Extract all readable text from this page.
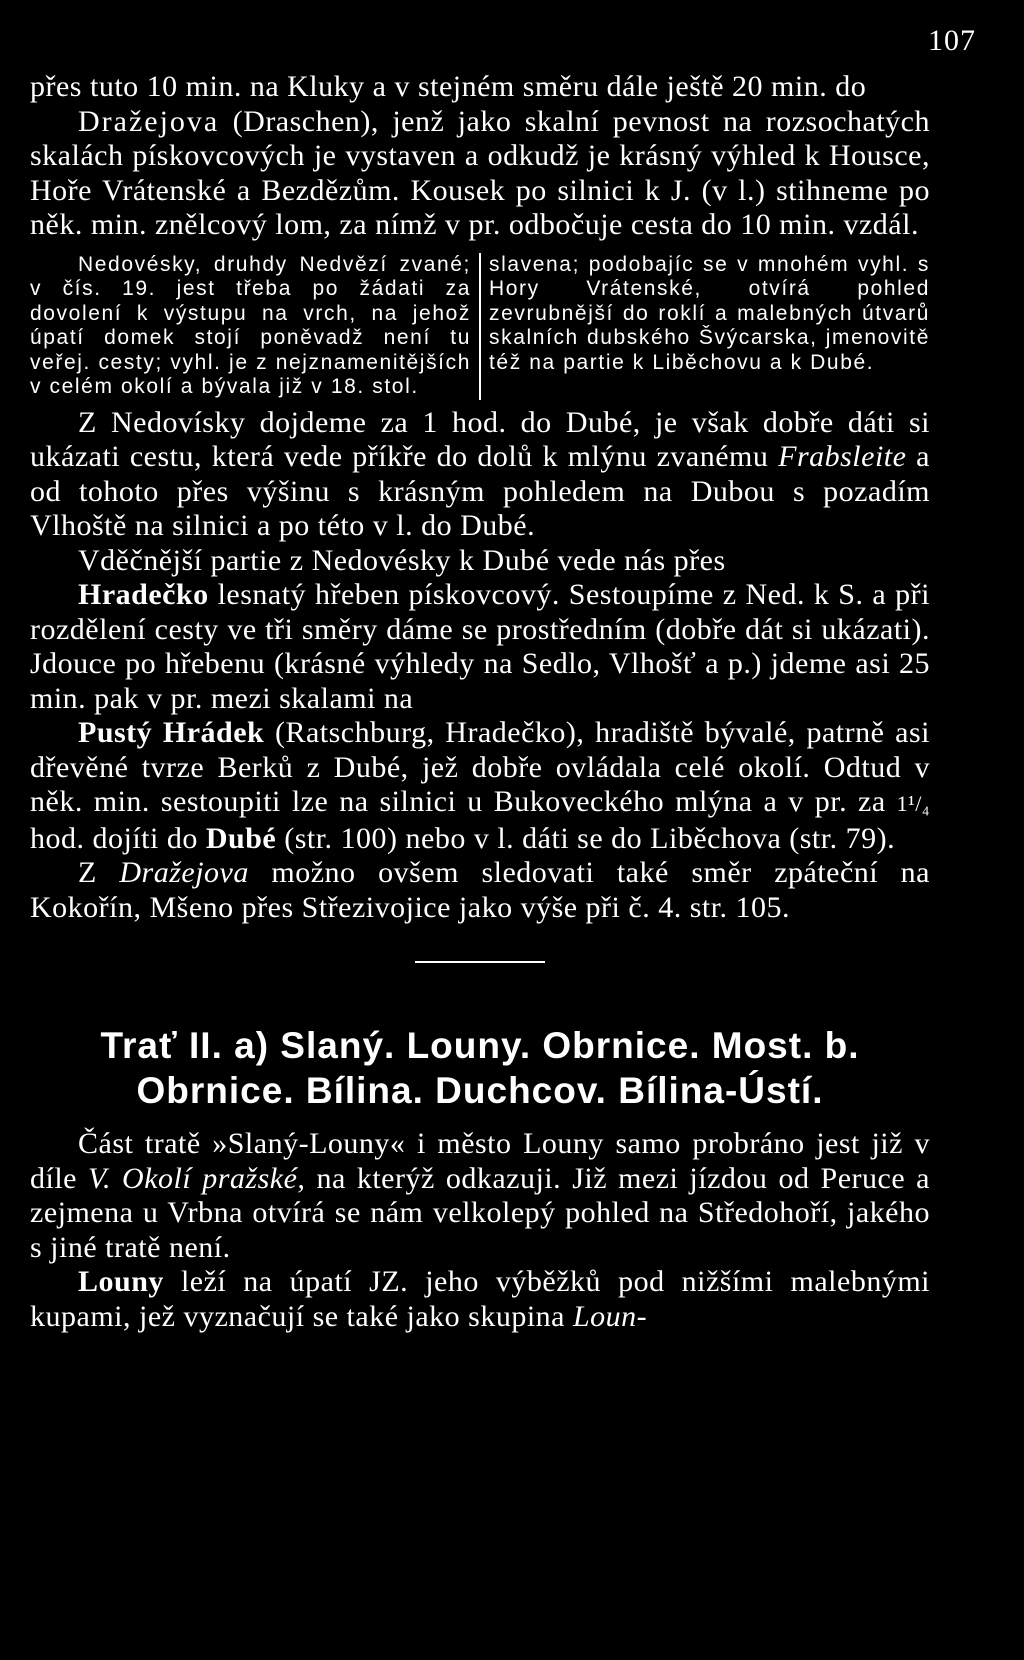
107

přes tuto 10 min. na Kluky a v stejném směru dále ještě 20 min. do

Dražejova (Draschen), jenž jako skalní pevnost na rozsochatých skalách pískovcových je vystaven a odkudž je krásný výhled k Housce, Hoře Vrátenské a Bezdězům. Kousek po silnici k J. (v l.) stihneme po něk. min. znělcový lom, za nímž v pr. odbočuje cesta do 10 min. vzdál.

Nedovésky, druhdy Nedvězí zvané; v čís. 19. jest třeba po žádati za dovolení k výstupu na vrch, na jehož úpatí domek stojí poněvadž není tu veřej. cesty; vyhl. je z nejznamenitějších v celém okolí a bývala již v 18. stol.

slavena; podobajíc se v mnohém vyhl. s Hory Vrátenské, otvírá pohled zevrubnější do roklí a malebných útvarů skalních dubského Švýcarska, jmenovitě též na partie k Liběchovu a k Dubé.

Z Nedovísky dojdeme za 1 hod. do Dubé, je však dobře dáti si ukázati cestu, která vede příkře do dolů k mlýnu zvanému Frabsleite a od tohoto přes výšinu s krásným pohledem na Dubou s pozadím Vlhoště na silnici a po této v l. do Dubé.

Vděčnější partie z Nedovésky k Dubé vede nás přes

Hradečko lesnatý hřeben pískovcový. Sestoupíme z Ned. k S. a při rozdělení cesty ve tři směry dáme se prostředním (dobře dát si ukázati). Jdouce po hřebenu (krásné výhledy na Sedlo, Vlhošť a p.) jdeme asi 25 min. pak v pr. mezi skalami na

Pustý Hrádek (Ratschburg, Hradečko), hradiště bývalé, patrně asi dřevěné tvrze Berků z Dubé, jež dobře ovládala celé okolí. Odtud v něk. min. sestoupiti lze na silnici u Bukoveckého mlýna a v pr. za 1¹/₄ hod. dojíti do Dubé (str. 100) nebo v l. dáti se do Liběchova (str. 79).

Z Dražejova možno ovšem sledovati také směr zpáteční na Kokořín, Mšeno přes Střezivojice jako výše při č. 4. str. 105.

Trať II. a) Slaný. Louny. Obrnice. Most. b. Obrnice. Bílina. Duchcov. Bílina-Ústí.

Část tratě »Slaný-Louny« i město Louny samo probráno jest již v díle V. Okolí pražské, na kterýž odkazuji. Již mezi jízdou od Peruce a zejmena u Vrbna otvírá se nám velkolepý pohled na Středohoří, jakého s jiné tratě není.

Louny leží na úpatí JZ. jeho výběžků pod nižšími malebnými kupami, jež vyznačují se také jako skupina Loun-
